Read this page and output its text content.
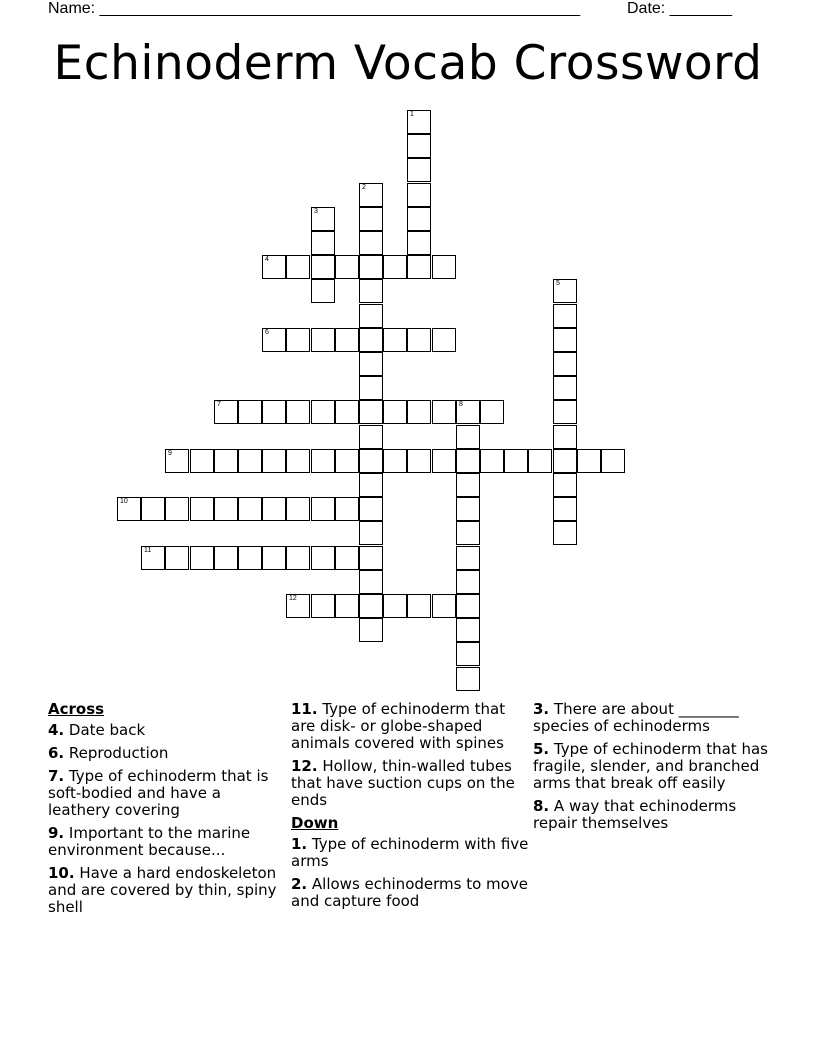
Name: ______________________________________________________	Date: _______
Echinoderm Vocab Crossword
1
2
3
4
5
6
7	8
9
10
11
12
Across
4. Date back
6. Reproduction
7. Type of echinoderm that is soft-bodied and have a leathery covering
9. Important to the marine environment because...
10. Have a hard endoskeleton and are covered by thin, spiny shell
11. Type of echinoderm that are disk- or globe-shaped animals covered with spines
12. Hollow, thin-walled tubes that have suction cups on the ends
Down
1. Type of echinoderm with five arms
2. Allows echinoderms to move and capture food
3. There are about ________ species of echinoderms
5. Type of echinoderm that has fragile, slender, and branched arms that break off easily
8. A way that echinoderms repair themselves
